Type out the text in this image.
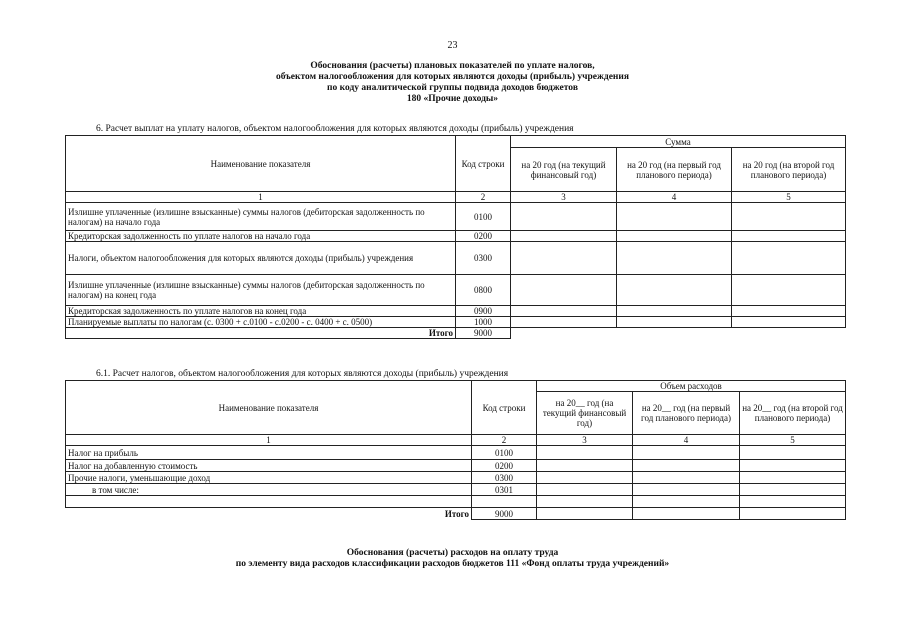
23
Обоснования (расчеты) плановых показателей по уплате налогов,
объектом налогообложения для которых являются доходы (прибыль) учреждения
по коду аналитической группы подвида доходов бюджетов
180 «Прочие доходы»
6. Расчет выплат на уплату налогов, объектом налогообложения для которых являются доходы (прибыль) учреждения
Наименование показателя	Код строки	Сумма		
		на 20 год (на текущий финансовый год)	на 20 год (на первый год планового периода)	на 20 год (на второй год планового периода)
1	2	3	4	5
Излишне уплаченные (излишне взысканные) суммы налогов (дебиторская задолженность по налогам) на начало года	0100			
Кредиторская задолженность по уплате налогов на начало года	0200			
Налоги, объектом налогообложения для которых являются доходы (прибыль) учреждения	0300			
Излишне уплаченные (излишне взысканные) суммы налогов (дебиторская задолженность по налогам) на конец года	0800			
Кредиторская задолженность по уплате налогов на конец года	0900			
Планируемые выплаты по налогам (с. 0300 + с.0100 - с.0200 - с. 0400 + с. 0500)	1000			
Итого	9000			
6.1. Расчет налогов, объектом налогообложения для которых являются доходы (прибыль) учреждения
Наименование показателя	Код строки	Объем расходов		
		на 20__ год (на текущий финансовый год)	на 20__ год (на первый год планового периода)	на 20__ год (на второй год планового периода)
1	2	3	4	5
Налог на прибыль	0100			
Налог на добавленную стоимость	0200			
Прочие налоги, уменьшающие доход	0300			
в том числе:	0301			

Итого	9000			
Обоснования (расчеты) расходов на оплату труда
по элементу вида расходов классификации расходов бюджетов 111 «Фонд оплаты труда учреждений»
